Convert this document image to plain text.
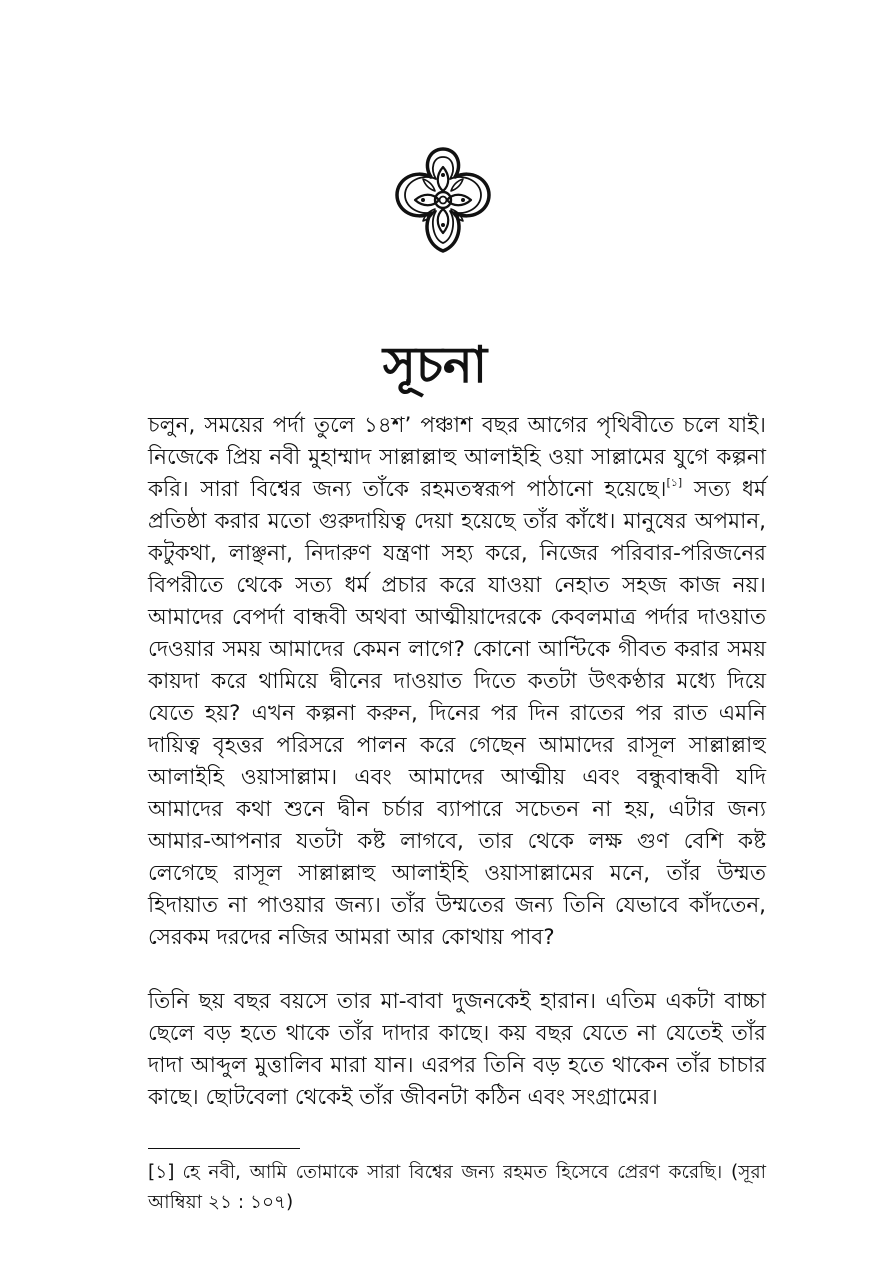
সূচনা

চলুন, সময়ের পর্দা তুলে ১৪শ’ পঞ্চাশ বছর আগের পৃথিবীতে চলে যাই। নিজেকে প্রিয় নবী মুহাম্মাদ সাল্লাল্লাহু আলাইহি ওয়া সাল্লামের যুগে কল্পনা করি। সারা বিশ্বের জন্য তাঁকে রহমতস্বরূপ পাঠানো হয়েছে।[১] সত্য ধর্ম প্রতিষ্ঠা করার মতো গুরুদায়িত্ব দেয়া হয়েছে তাঁর কাঁধে। মানুষের অপমান, কটুকথা, লাঞ্ছনা, নিদারুণ যন্ত্রণা সহ্য করে, নিজের পরিবার-পরিজনের বিপরীতে থেকে সত্য ধর্ম প্রচার করে যাওয়া নেহাত সহজ কাজ নয়। আমাদের বেপর্দা বান্ধবী অথবা আত্মীয়াদেরকে কেবলমাত্র পর্দার দাওয়াত দেওয়ার সময় আমাদের কেমন লাগে? কোনো আন্টিকে গীবত করার সময় কায়দা করে থামিয়ে দ্বীনের দাওয়াত দিতে কতটা উৎকণ্ঠার মধ্যে দিয়ে যেতে হয়? এখন কল্পনা করুন, দিনের পর দিন রাতের পর রাত এমনি দায়িত্ব বৃহত্তর পরিসরে পালন করে গেছেন আমাদের রাসূল সাল্লাল্লাহু আলাইহি ওয়াসাল্লাম। এবং আমাদের আত্মীয় এবং বন্ধুবান্ধবী যদি আমাদের কথা শুনে দ্বীন চর্চার ব্যাপারে সচেতন না হয়, এটার জন্য আমার-আপনার যতটা কষ্ট লাগবে, তার থেকে লক্ষ গুণ বেশি কষ্ট লেগেছে রাসূল সাল্লাল্লাহু আলাইহি ওয়াসাল্লামের মনে, তাঁর উম্মত হিদায়াত না পাওয়ার জন্য। তাঁর উম্মতের জন্য তিনি যেভাবে কাঁদতেন, সেরকম দরদের নজির আমরা আর কোথায় পাব?

তিনি ছয় বছর বয়সে তার মা-বাবা দুজনকেই হারান। এতিম একটা বাচ্চা ছেলে বড় হতে থাকে তাঁর দাদার কাছে। কয় বছর যেতে না যেতেই তাঁর দাদা আব্দুল মুত্তালিব মারা যান। এরপর তিনি বড় হতে থাকেন তাঁর চাচার কাছে। ছোটবেলা থেকেই তাঁর জীবনটা কঠিন এবং সংগ্রামের।

[১] হে নবী, আমি তোমাকে সারা বিশ্বের জন্য রহমত হিসেবে প্রেরণ করেছি। (সূরা আম্বিয়া ২১ : ১০৭)
